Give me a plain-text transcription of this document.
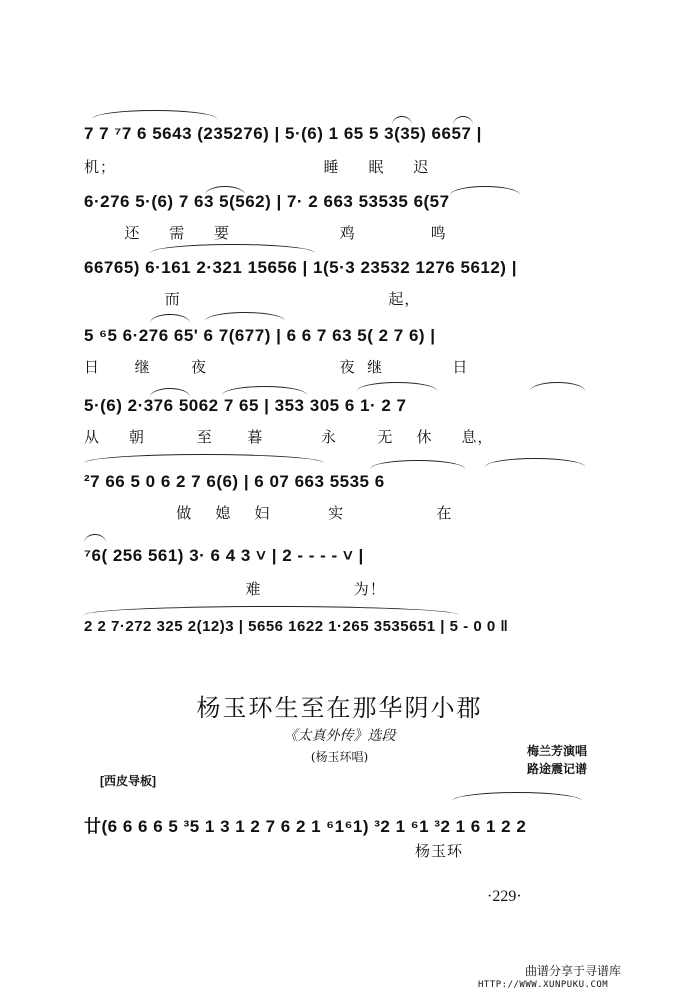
7 7 ⁷7 6 5643 (235276) | 5·(6) 1 65 5 3(35) 6657 |
机；                                    睡     眠     迟
6·276 5·(6) 7 63 5(562) | 7· 2 663 53535 6(57
还     需     要                   鸡             鸣
66765) 6·161 2·321 15656 | 1(5·3 23532 1276 5612) |
而                                    起，
5 ⁶5 6·276 65' 6 7(677) | 6 6 7 63 5( 2 7 6) |
日      继       夜                       夜  继            日
5·(6) 2·376 5062 7 65 | 353 305 6 1· 2 7
从     朝         至      暮          永       无    休     息，
²7 66 5 0 6 2 7 6(6) | 6 07 663 5535 6
做    媳    妇          实                在
⁷6( 256 561) 3· 6 4 3 ˅ | 2 - - - - ˅ |
难                为！
2 2 7·272 325 2(12)3 | 5656 1622 1·265 3535651 | 5 - 0 0 ‖
杨玉环生至在那华阴小郡
《太真外传》选段
(杨玉环唱)	梅兰芳演唱
路途震记谱
[西皮导板]
廿(6 6 6 6 5 ³5 1 3 1 2 7 6 2 1 ⁶1⁶1) ³2 1 ⁶1 ³2 1 6 1 2 2
杨玉环
·229·
曲谱分享于寻谱库
HTTP://WWW.XUNPUKU.COM
